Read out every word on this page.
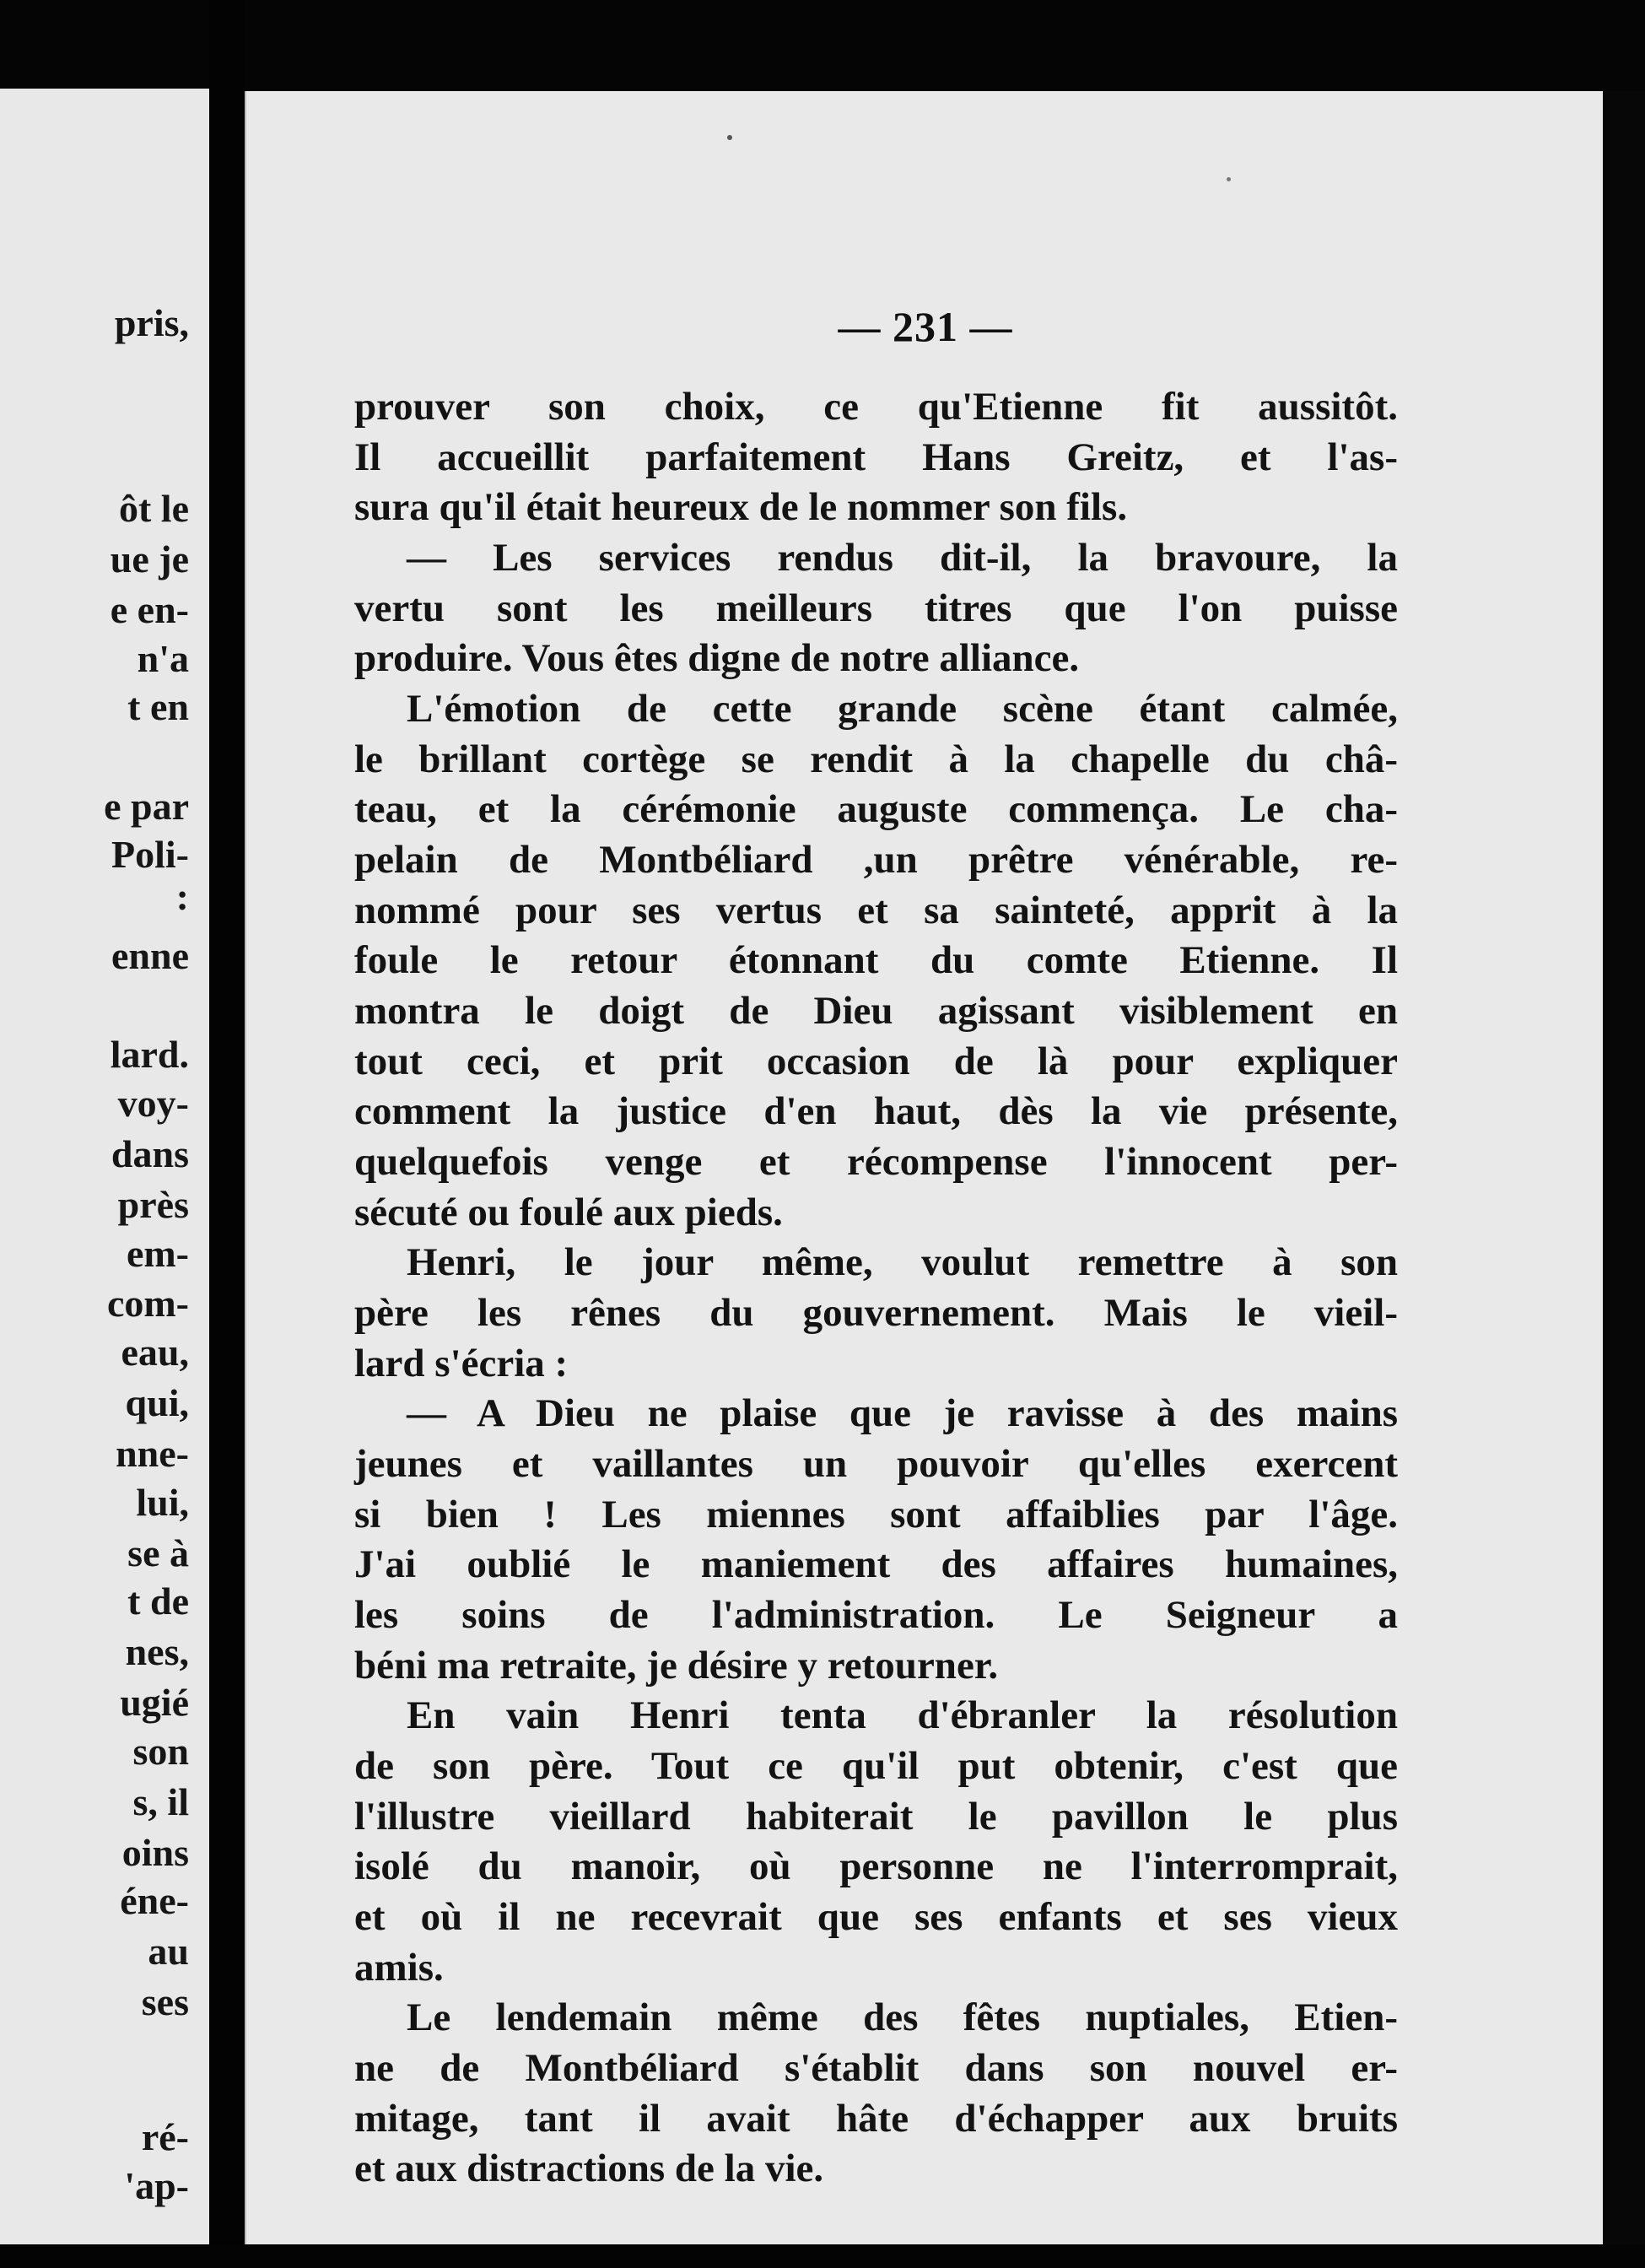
pris,
ôt le
ue je
e en-
n'a
t en
e par
Poli-
:
enne
lard.
voy-
dans
près
em-
com-
eau,
qui,
nne-
lui,
se à
t de
nes,
ugié
son
s, il
oins
éne-
au
ses
ré-
'ap-
— 231 —
prouver son choix, ce qu'Etienne fit aussitôt.
Il accueillit parfaitement Hans Greitz, et l'as-
sura qu'il était heureux de le nommer son fils.
— Les services rendus dit-il, la bravoure, la
vertu sont les meilleurs titres que l'on puisse
produire. Vous êtes digne de notre alliance.
L'émotion de cette grande scène étant calmée,
le brillant cortège se rendit à la chapelle du châ-
teau, et la cérémonie auguste commença. Le cha-
pelain de Montbéliard ,un prêtre vénérable, re-
nommé pour ses vertus et sa sainteté, apprit à la
foule le retour étonnant du comte Etienne. Il
montra le doigt de Dieu agissant visiblement en
tout ceci, et prit occasion de là pour expliquer
comment la justice d'en haut, dès la vie présente,
quelquefois venge et récompense l'innocent per-
sécuté ou foulé aux pieds.
Henri, le jour même, voulut remettre à son
père les rênes du gouvernement. Mais le vieil-
lard s'écria :
— A Dieu ne plaise que je ravisse à des mains
jeunes et vaillantes un pouvoir qu'elles exercent
si bien ! Les miennes sont affaiblies par l'âge.
J'ai oublié le maniement des affaires humaines,
les soins de l'administration. Le Seigneur a
béni ma retraite, je désire y retourner.
En vain Henri tenta d'ébranler la résolution
de son père. Tout ce qu'il put obtenir, c'est que
l'illustre vieillard habiterait le pavillon le plus
isolé du manoir, où personne ne l'interromprait,
et où il ne recevrait que ses enfants et ses vieux
amis.
Le lendemain même des fêtes nuptiales, Etien-
ne de Montbéliard s'établit dans son nouvel er-
mitage, tant il avait hâte d'échapper aux bruits
et aux distractions de la vie.
